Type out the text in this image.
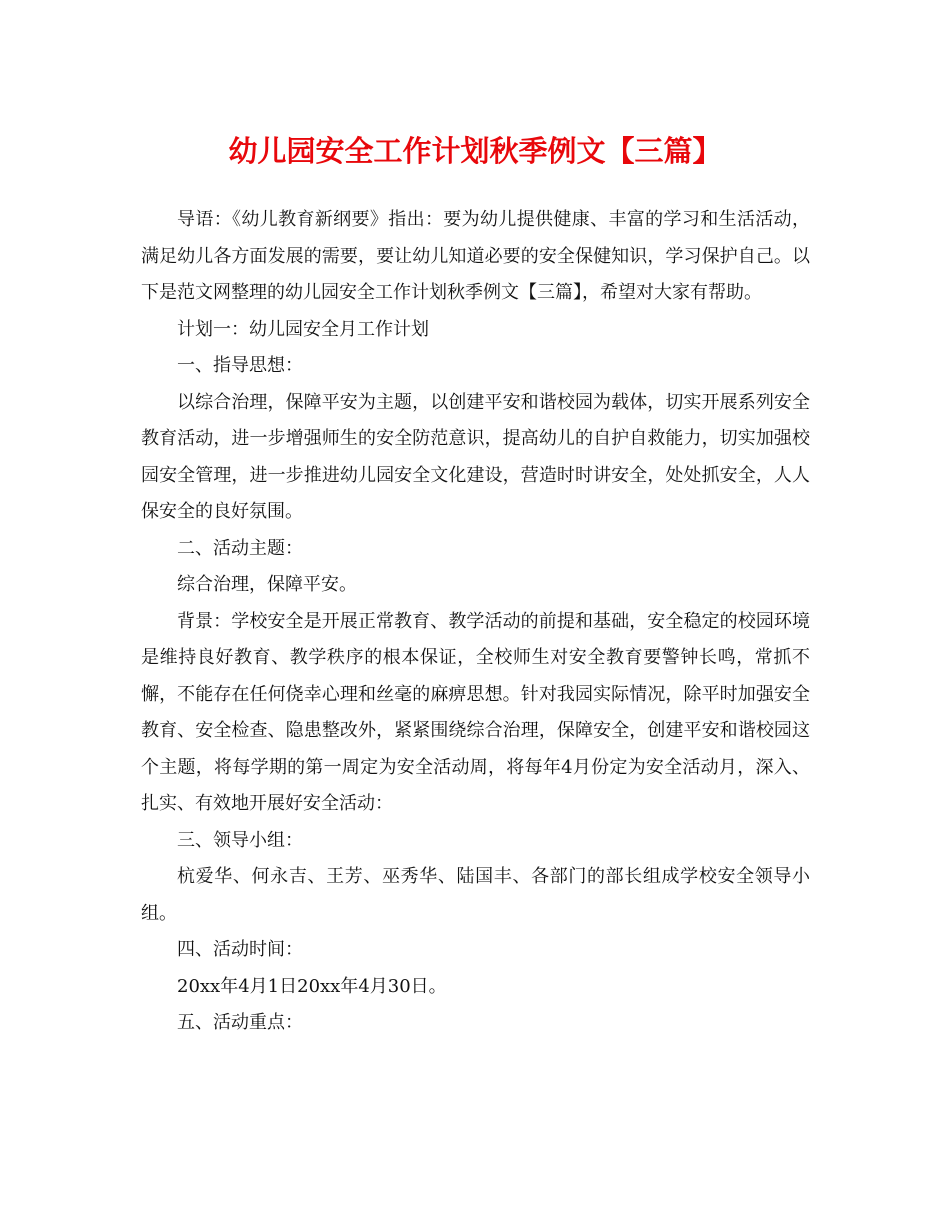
幼儿园安全工作计划秋季例文【三篇】

导语：《幼儿教育新纲要》指出：要为幼儿提供健康、丰富的学习和生活活动，满足幼儿各方面发展的需要，要让幼儿知道必要的安全保健知识，学习保护自己。以下是范文网整理的幼儿园安全工作计划秋季例文【三篇】，希望对大家有帮助。

计划一：幼儿园安全月工作计划

一、指导思想：

以综合治理，保障平安为主题，以创建平安和谐校园为载体，切实开展系列安全教育活动，进一步增强师生的安全防范意识，提高幼儿的自护自救能力，切实加强校园安全管理，进一步推进幼儿园安全文化建设，营造时时讲安全，处处抓安全，人人保安全的良好氛围。

二、活动主题：

综合治理，保障平安。

背景：学校安全是开展正常教育、教学活动的前提和基础，安全稳定的校园环境是维持良好教育、教学秩序的根本保证，全校师生对安全教育要警钟长鸣，常抓不懈，不能存在任何侥幸心理和丝毫的麻痹思想。针对我园实际情况，除平时加强安全教育、安全检查、隐患整改外，紧紧围绕综合治理，保障安全，创建平安和谐校园这个主题，将每学期的第一周定为安全活动周，将每年4月份定为安全活动月，深入、扎实、有效地开展好安全活动：

三、领导小组：

杭爱华、何永吉、王芳、巫秀华、陆国丰、各部门的部长组成学校安全领导小组。

四、活动时间：

20xx年4月1日20xx年4月30日。

五、活动重点：
